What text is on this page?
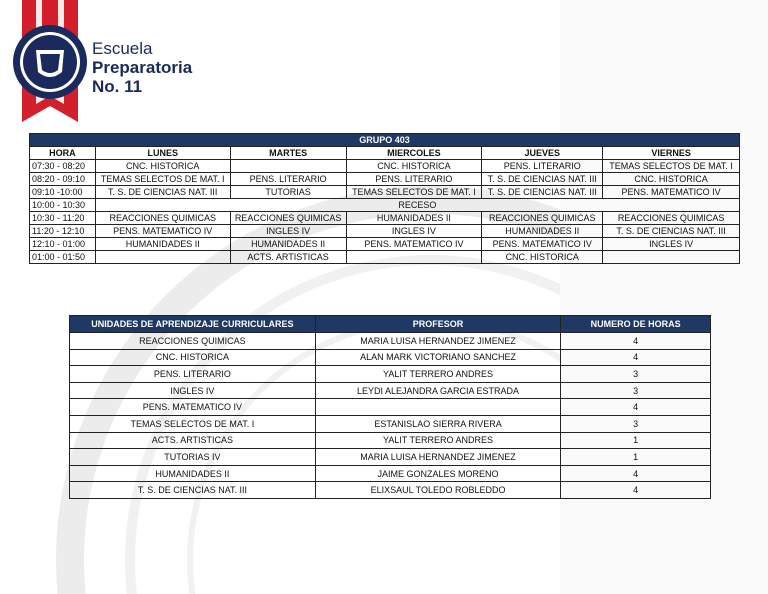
Escuela
Preparatoria
No. 11
GRUPO 403					
HORA	LUNES	MARTES	MIERCOLES	JUEVES	VIERNES
07:30 - 08:20	CNC. HISTORICA		CNC. HISTORICA	PENS. LITERARIO	TEMAS SELECTOS DE MAT. I
08:20 - 09:10	TEMAS SELECTOS DE MAT. I	PENS. LITERARIO	PENS. LITERARIO	T. S. DE CIENCIAS NAT. III	CNC. HISTORICA
09:10 -10:00	T. S. DE CIENCIAS NAT. III	TUTORIAS	TEMAS SELECTOS DE MAT. I	T. S. DE CIENCIAS NAT. III	PENS. MATEMATICO IV
10:00 - 10:30	RECESO				
10:30 - 11:20	REACCIONES QUIMICAS	REACCIONES QUIMICAS	HUMANIDADES II	REACCIONES QUIMICAS	REACCIONES QUIMICAS
11:20 - 12:10	PENS. MATEMATICO IV	INGLES IV	INGLES IV	HUMANIDADES II	T. S. DE CIENCIAS NAT. III
12:10 - 01:00	HUMANIDADES II	HUMANIDADES II	PENS. MATEMATICO IV	PENS. MATEMATICO IV	INGLES IV
01:00 - 01:50		ACTS. ARTISTICAS		CNC. HISTORICA	
UNIDADES DE APRENDIZAJE CURRICULARES	PROFESOR	NUMERO DE HORAS
REACCIONES QUIMICAS	MARIA LUISA HERNANDEZ JIMENEZ	4
CNC. HISTORICA	ALAN MARK VICTORIANO SANCHEZ	4
PENS. LITERARIO	YALIT TERRERO ANDRES	3
INGLES IV	LEYDI ALEJANDRA GARCIA ESTRADA	3
PENS. MATEMATICO IV		4
TEMAS SELECTOS DE MAT. I	ESTANISLAO SIERRA RIVERA	3
ACTS. ARTISTICAS	YALIT TERRERO ANDRES	1
TUTORIAS IV	MARIA LUISA HERNANDEZ JIMENEZ	1
HUMANIDADES II	JAIME GONZALES MORENO	4
T. S. DE CIENCIAS NAT. III	ELIXSAUL TOLEDO ROBLEDDO	4
